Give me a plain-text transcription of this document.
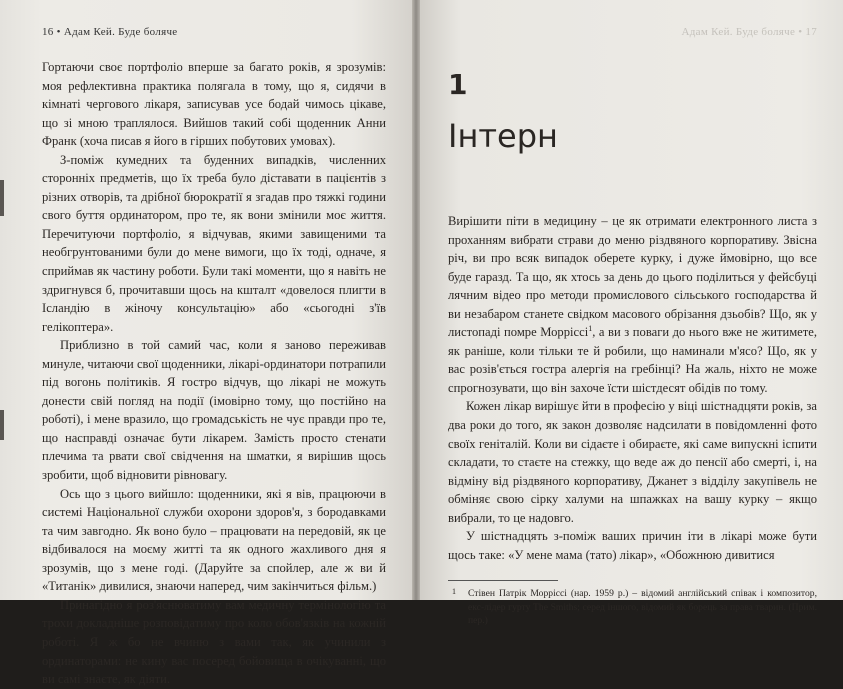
16 • Адам Кей. Буде боляче

Гортаючи своє портфоліо вперше за багато років, я зрозумів: моя рефлективна практика полягала в тому, що я, сидячи в кімнаті чергового лікаря, записував усе бодай чимось цікаве, що зі мною траплялося. Вийшов такий собі щоденник Анни Франк (хоча писав я його в гірших побутових умовах).

З-поміж кумедних та буденних випадків, численних сторонніх предметів, що їх треба було діставати в пацієнтів з різних отворів, та дрібної бюрократії я згадав про тяжкі години свого буття ординатором, про те, як вони змінили моє життя. Перечитуючи портфоліо, я відчував, якими завищеними та необгрунтованими були до мене вимоги, що їх тоді, одначе, я сприймав як частину роботи. Були такі моменти, що я навіть не здригнувся б, прочитавши щось на кшталт «довелося плигти в Ісландію в жіночу консультацію» або «сьогодні з'їв гелікоптера».

Приблизно в той самий час, коли я заново переживав минуле, читаючи свої щоденники, лікарі-ординатори потрапили під вогонь політиків. Я гостро відчув, що лікарі не можуть донести свій погляд на події (імовірно тому, що постійно на роботі), і мене вразило, що громадськість не чує правди про те, що насправді означає бути лікарем. Замість просто стенати плечима та рвати свої свідчення на шматки, я вирішив щось зробити, щоб відновити рівновагу.

Ось що з цього вийшло: щоденники, які я вів, працюючи в системі Національної служби охорони здоров'я, з бородавками та чим завгодно. Як воно було – працювати на передовій, як це відбивалося на моєму житті та як одного жахливого дня я зрозумів, що з мене годі. (Даруйте за спойлер, але ж ви й «Титанік» дивилися, знаючи наперед, чим закінчиться фільм.)

Принагідно я роз'яснюватиму вам медичну термінологію та трохи докладніше розповідатиму про коло обов'язків на кожній роботі. Я ж бо не вчиню з вами так, як учинили з ординаторами: не кину вас посеред бойовища в очікуванні, що ви самі знаєте, як діяти.

Адам Кей. Буде боляче • 17
1
Інтерн

Вирішити піти в медицину – це як отримати електронного листа з проханням вибрати страви до меню різдвяного корпоративу. Звісна річ, ви про всяк випадок оберете курку, і дуже ймовірно, що все буде гаразд. Та що, як хтось за день до цього поділиться у фейсбуці лячним відео про методи промислового сільського господарства й ви незабаром станете свідком масового обрізання дзьобів? Що, як у листопаді помре Морріссі$^1$, а ви з поваги до нього вже не житимете, як раніше, коли тільки те й робили, що наминали м'ясо? Що, як у вас розів'ється гостра алергія на гребінці? На жаль, ніхто не може спрогнозувати, що він захоче їсти шістдесят обідів по тому.

Кожен лікар вирішує йти в професію у віці шістнадцяти років, за два роки до того, як закон дозволяє надсилати в повідомленні фото своїх геніталій. Коли ви сідаєте і обираєте, які саме випускні іспити складати, то стаєте на стежку, що веде аж до пенсії або смерті, і, на відміну від різдвяного корпоративу, Джанет з відділу закупівель не обміняє свою сірку халуми на шпажках на вашу курку – якщо вибрали, то це надовго.

У шістнадцять з-поміж ваших причин іти в лікарі може бути щось таке: «У мене мама (тато) лікар», «Обожнюю дивитися

1 Стівен Патрік Морріссі (нар. 1959 р.) – відомий англійський співак і композитор, екс-лідер гурту The Smiths; серед іншого, відомий як борець за права тварин. (Прим. пер.)
